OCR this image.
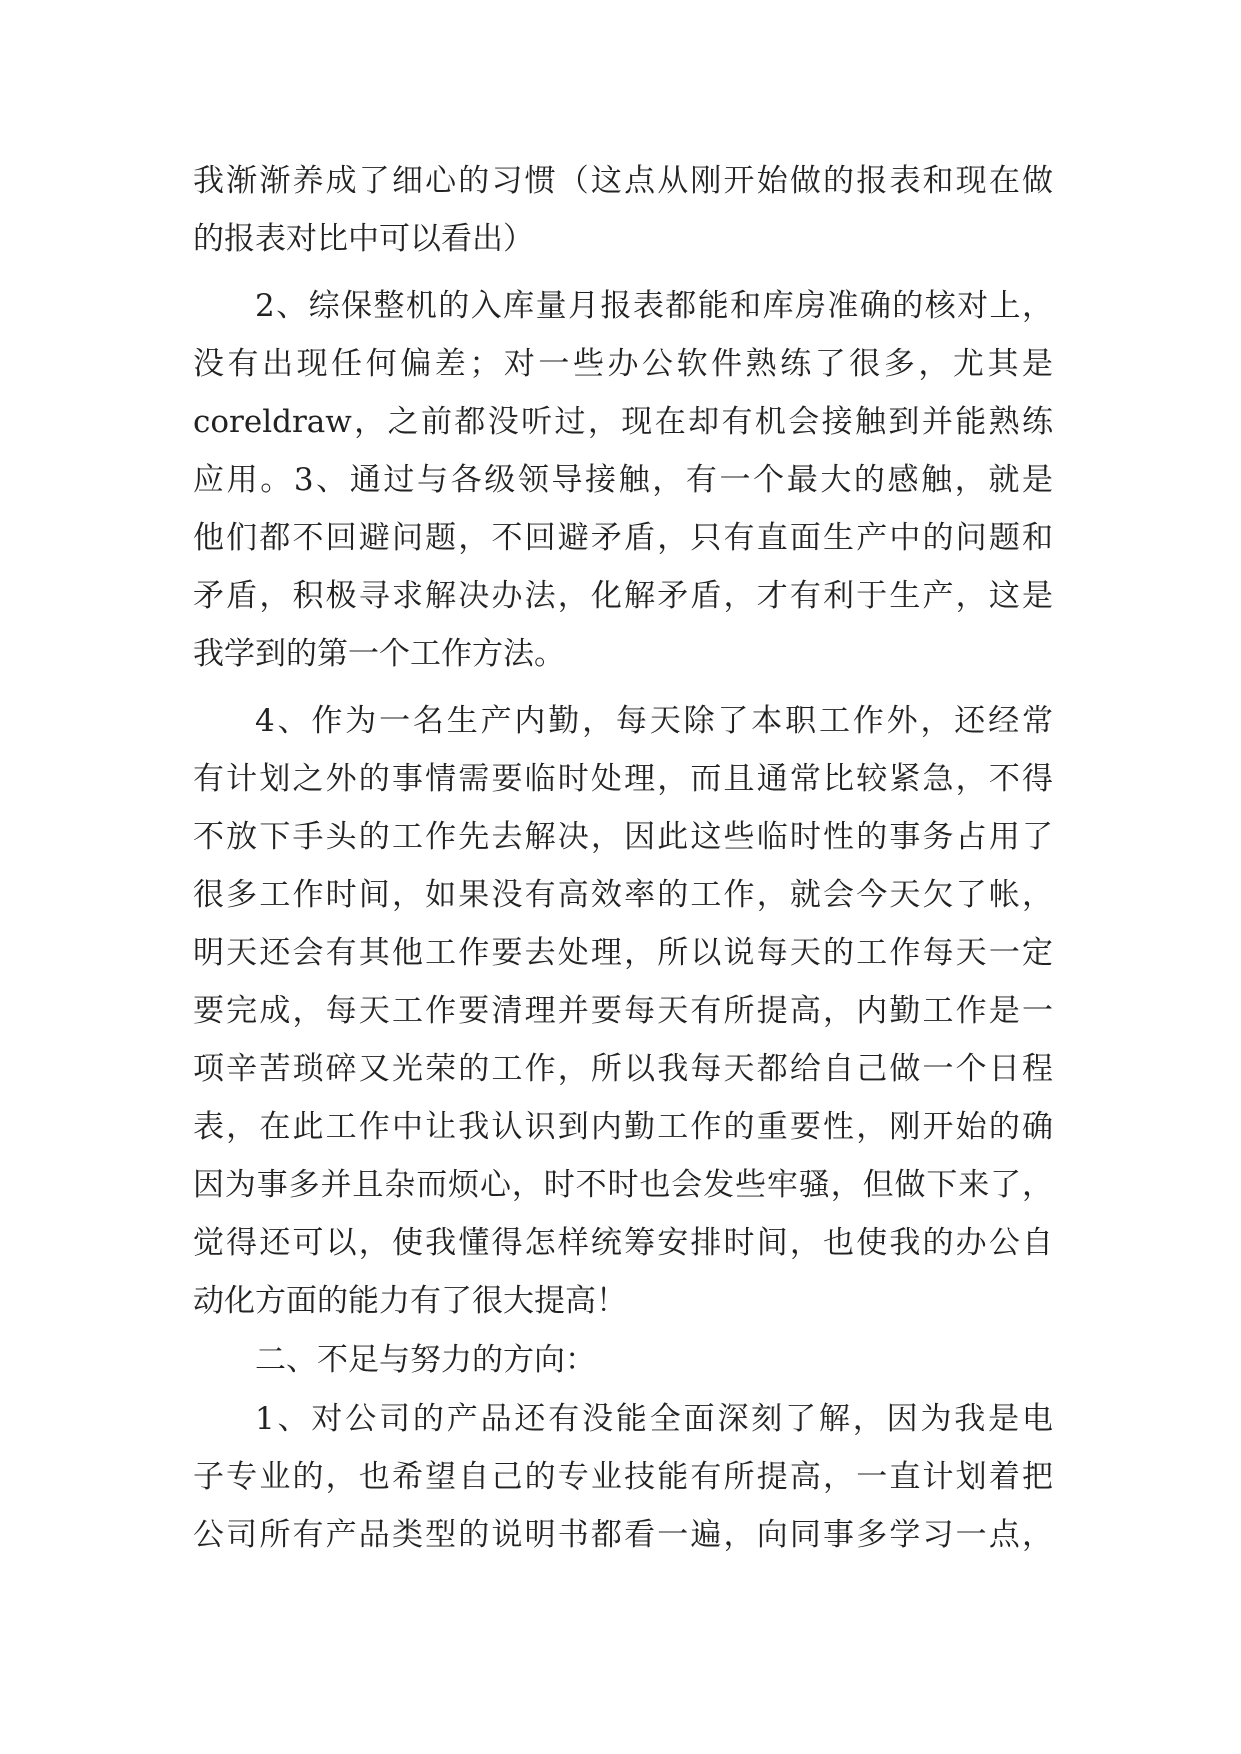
我渐渐养成了细心的习惯（这点从刚开始做的报表和现在做
的报表对比中可以看出）
2、综保整机的入库量月报表都能和库房准确的核对上，
没有出现任何偏差；对一些办公软件熟练了很多，尤其是
coreldraw，之前都没听过，现在却有机会接触到并能熟练
应用。3、通过与各级领导接触，有一个最大的感触，就是
他们都不回避问题，不回避矛盾，只有直面生产中的问题和
矛盾，积极寻求解决办法，化解矛盾，才有利于生产，这是
我学到的第一个工作方法。
4、作为一名生产内勤，每天除了本职工作外，还经常
有计划之外的事情需要临时处理，而且通常比较紧急，不得
不放下手头的工作先去解决，因此这些临时性的事务占用了
很多工作时间，如果没有高效率的工作，就会今天欠了帐，
明天还会有其他工作要去处理，所以说每天的工作每天一定
要完成，每天工作要清理并要每天有所提高，内勤工作是一
项辛苦琐碎又光荣的工作，所以我每天都给自己做一个日程
表，在此工作中让我认识到内勤工作的重要性，刚开始的确
因为事多并且杂而烦心，时不时也会发些牢骚，但做下来了，
觉得还可以，使我懂得怎样统筹安排时间，也使我的办公自
动化方面的能力有了很大提高！
二、不足与努力的方向：
1、对公司的产品还有没能全面深刻了解，因为我是电
子专业的，也希望自己的专业技能有所提高，一直计划着把
公司所有产品类型的说明书都看一遍，向同事多学习一点，
